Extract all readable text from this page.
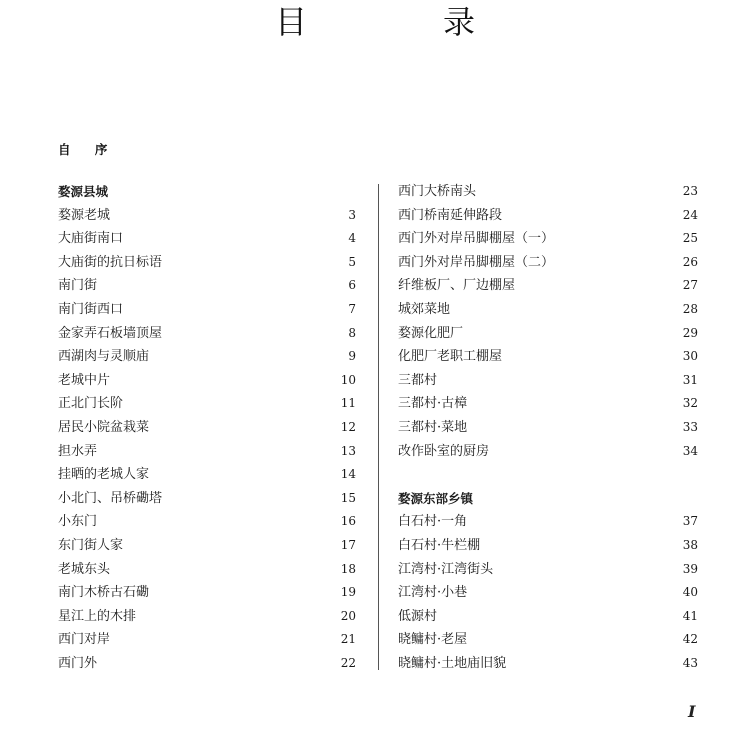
目　录
自 序
婺源县城
婺源老城	3
大庙街南口	4
大庙街的抗日标语	5
南门街	6
南门街西口	7
金家弄石板墙顶屋	8
西湖肉与灵顺庙	9
老城中片	10
正北门长阶	11
居民小院盆栽菜	12
担水弄	13
挂晒的老城人家	14
小北门、吊桥磡塔	15
小东门	16
东门街人家	17
老城东头	18
南门木桥古石磡	19
星江上的木排	20
西门对岸	21
西门外	22
西门大桥南头	23
西门桥南延伸路段	24
西门外对岸吊脚棚屋（一）	25
西门外对岸吊脚棚屋（二）	26
纤维板厂、厂边棚屋	27
城郊菜地	28
婺源化肥厂	29
化肥厂老职工棚屋	30
三都村	31
三都村·古樟	32
三都村·菜地	33
改作卧室的厨房	34
婺源东部乡镇
白石村·一角	37
白石村·牛栏棚	38
江湾村·江湾街头	39
江湾村·小巷	40
低源村	41
晓鳙村·老屋	42
晓鳙村·土地庙旧貌	43
I
